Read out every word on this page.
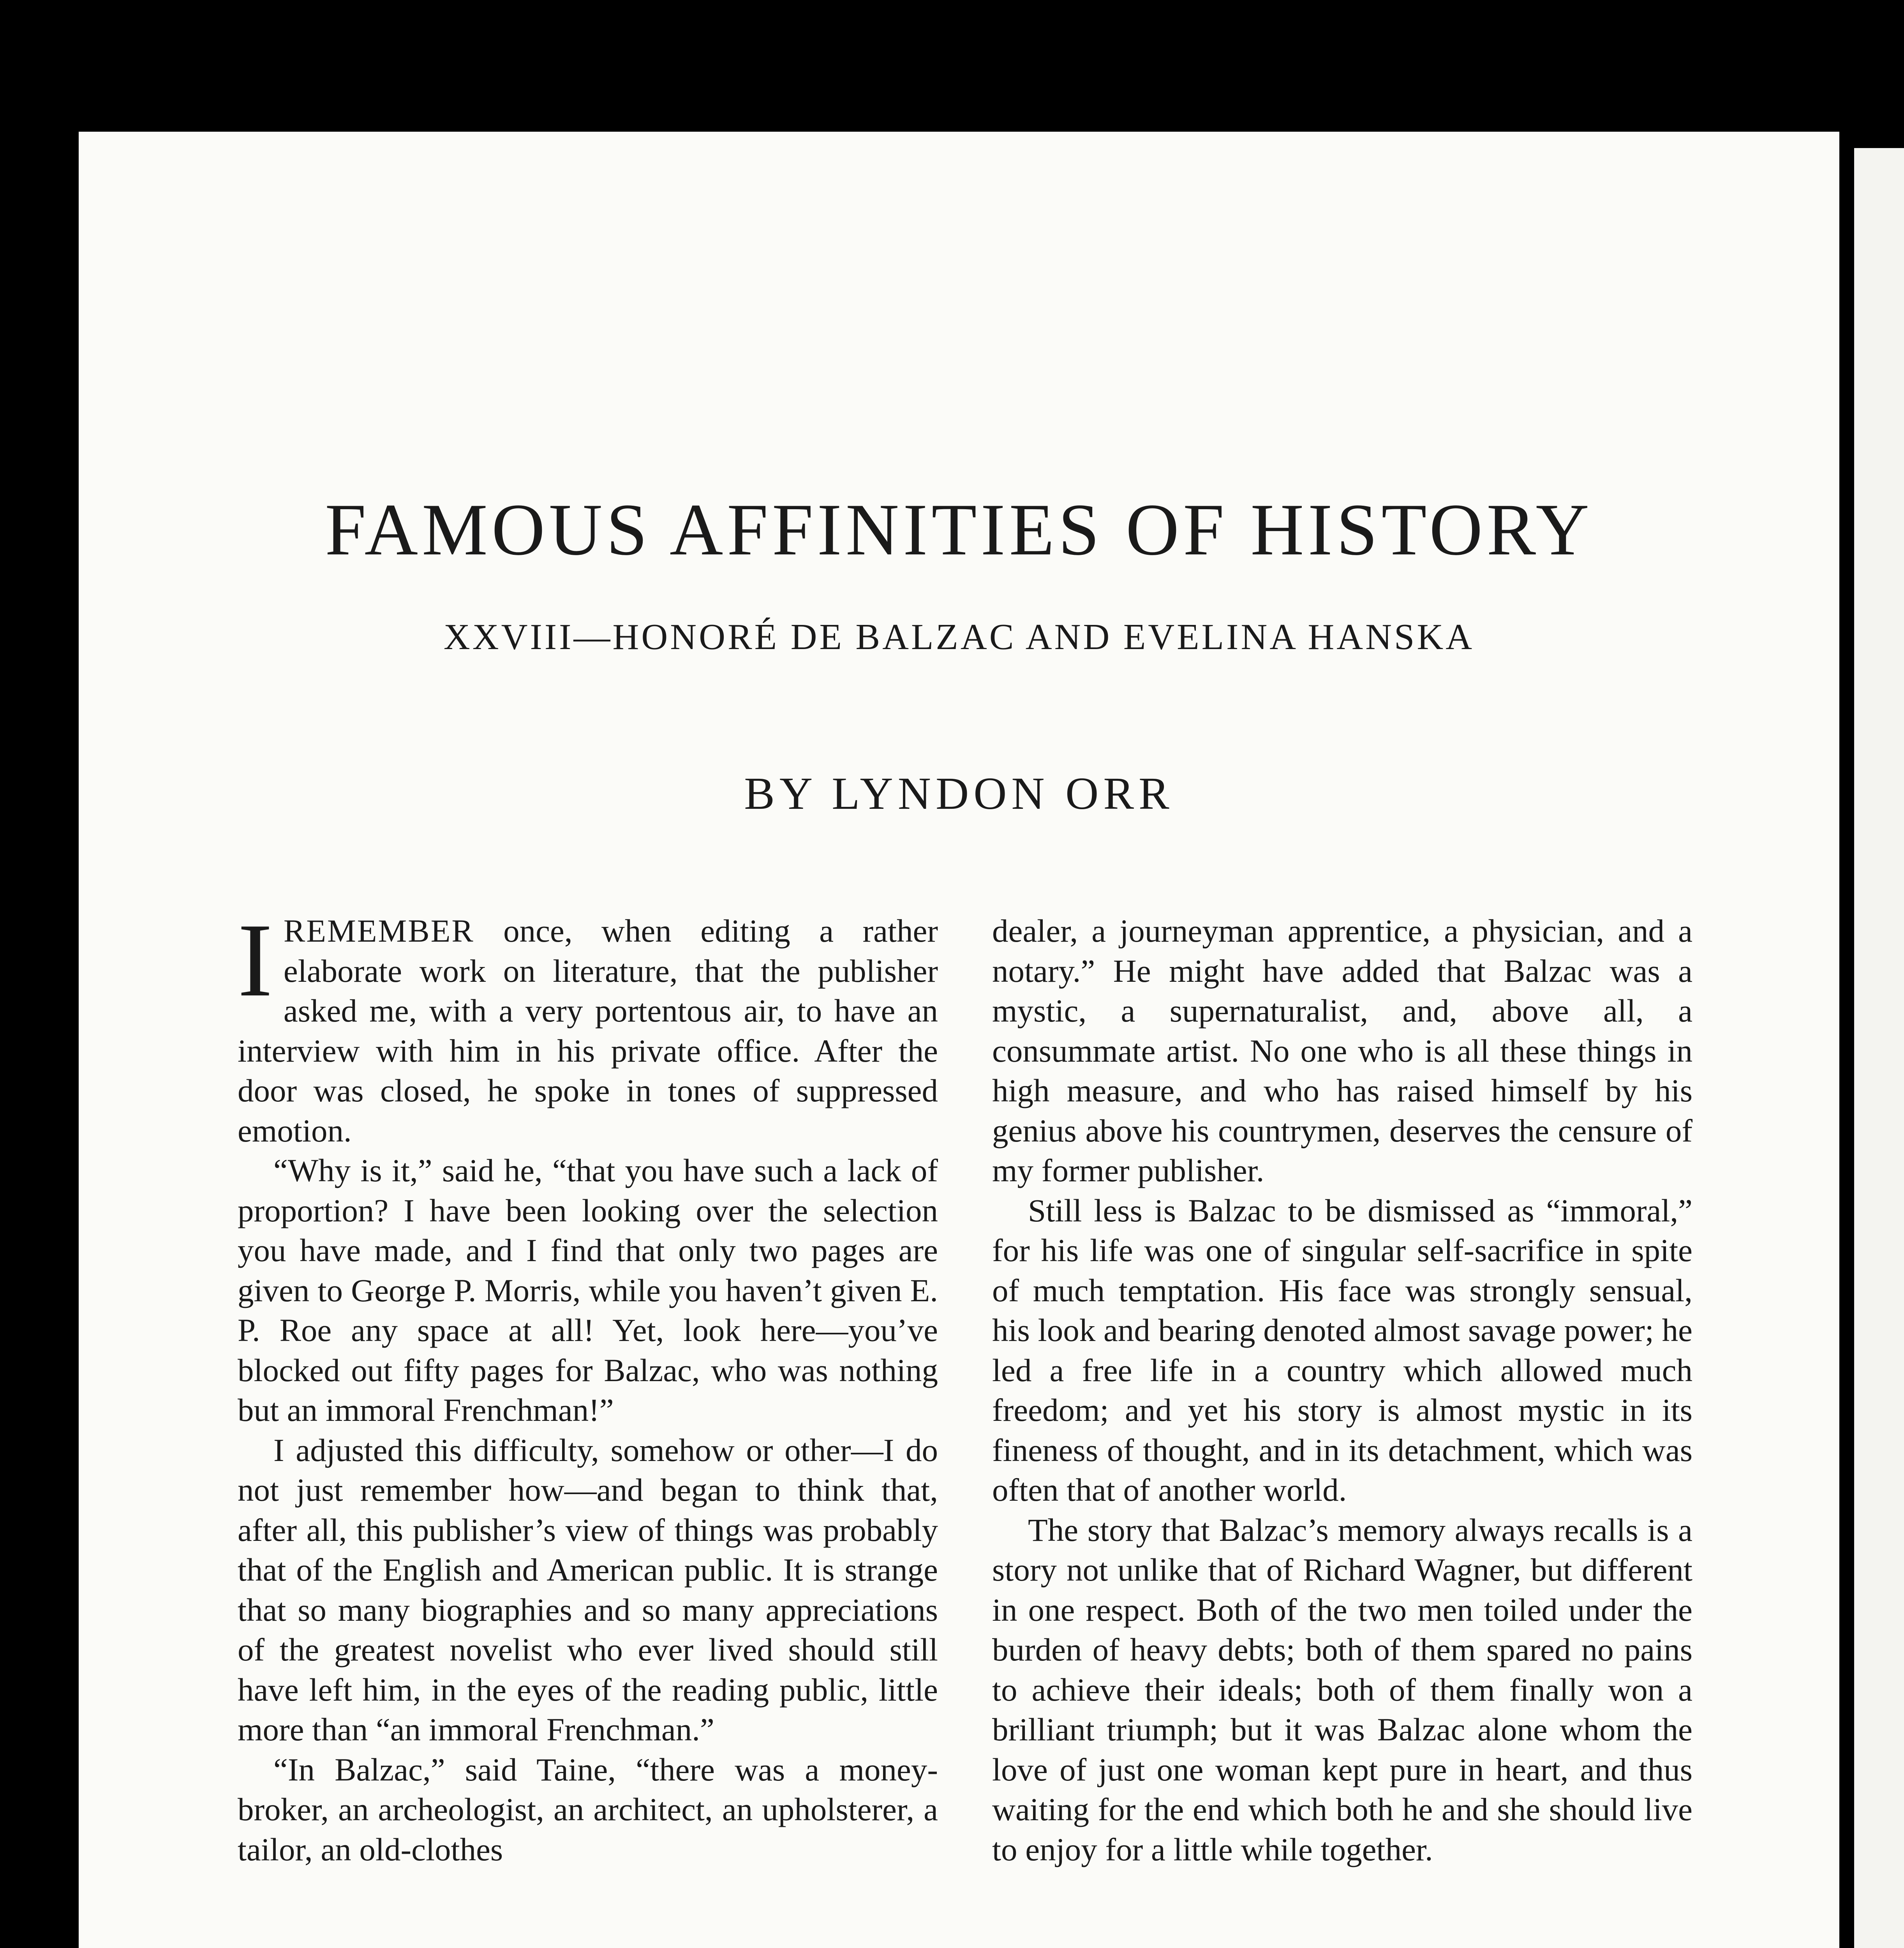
FAMOUS AFFINITIES OF HISTORY
XXVIII—HONORÉ DE BALZAC AND EVELINA HANSKA
BY LYNDON ORR

IREMEMBER once, when editing a rather elaborate work on literature, that the publisher asked me, with a very portentous air, to have an interview with him in his private office. After the door was closed, he spoke in tones of suppressed emotion.

“Why is it,” said he, “that you have such a lack of proportion? I have been looking over the selection you have made, and I find that only two pages are given to George P. Morris, while you haven’t given E. P. Roe any space at all! Yet, look here—you’ve blocked out fifty pages for Balzac, who was nothing but an immoral Frenchman!”

I adjusted this difficulty, somehow or other—I do not just remember how—and began to think that, after all, this publisher’s view of things was probably that of the English and American public. It is strange that so many biographies and so many appreciations of the greatest novelist who ever lived should still have left him, in the eyes of the reading public, little more than “an immoral Frenchman.”

“In Balzac,” said Taine, “there was a money-broker, an archeologist, an architect, an upholsterer, a tailor, an old-clothes

dealer, a journeyman apprentice, a physician, and a notary.” He might have added that Balzac was a mystic, a supernaturalist, and, above all, a consummate artist. No one who is all these things in high measure, and who has raised himself by his genius above his countrymen, deserves the censure of my former publisher.

Still less is Balzac to be dismissed as “immoral,” for his life was one of singular self-sacrifice in spite of much temptation. His face was strongly sensual, his look and bearing denoted almost savage power; he led a free life in a country which allowed much freedom; and yet his story is almost mystic in its fineness of thought, and in its detachment, which was often that of another world.

The story that Balzac’s memory always recalls is a story not unlike that of Richard Wagner, but different in one respect. Both of the two men toiled under the burden of heavy debts; both of them spared no pains to achieve their ideals; both of them finally won a brilliant triumph; but it was Balzac alone whom the love of just one woman kept pure in heart, and thus waiting for the end which both he and she should live to enjoy for a little while together.
